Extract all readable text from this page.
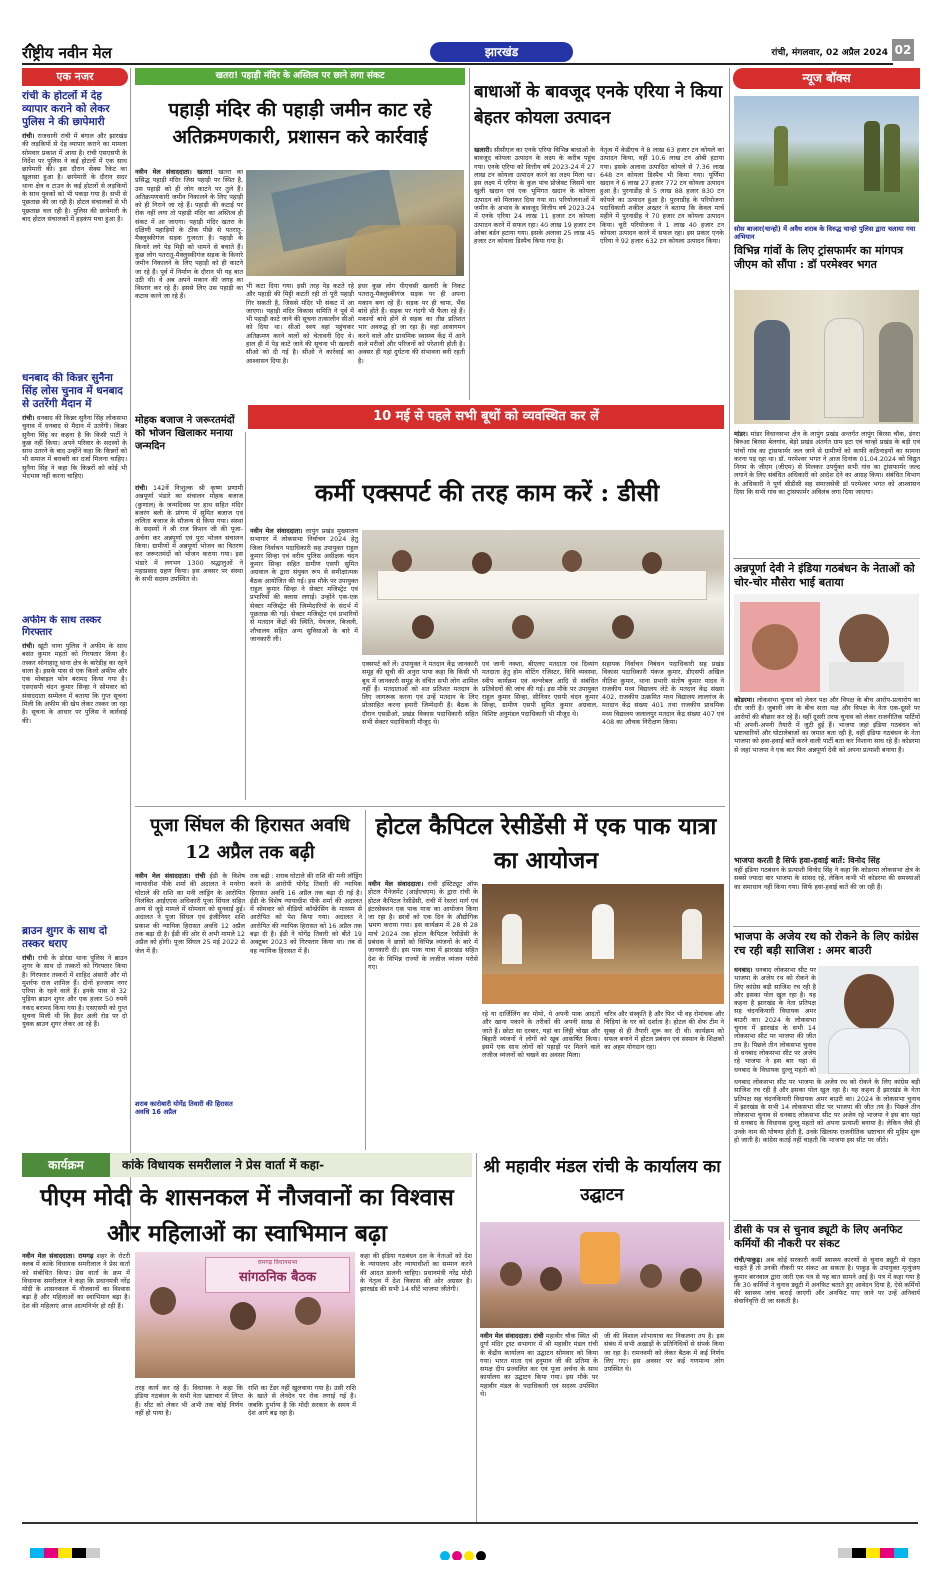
राष्ट्रीय नवीन मेल	झारखंड	रांची, मंगलवार, 02 अप्रैल 2024 02
एक नजर
रांची के होटलों में देह व्यापार कराने को लेकर पुलिस ने की छापेमारी
रांची। राजधानी रांची में बंगाल और झारखंड की लड़कियों से देह व्यापार कराने का मामला सोमवार प्रकाश में आया है। रांची एसएसपी के निर्देश पर पुलिस ने कई होटलों में एक साथ छापेमारी की। इस दौरान सेक्स रैकेट का खुलासा हुआ है। छापेमारी के दौरान सदर थाना क्षेत्र व टाउन के कई होटलों से लड़कियों के साथ युवकों को भी पकड़ा गया है। सभी से पूछताछ की जा रही है। होटल संचालकों से भी पूछताछ चल रही है। पुलिस की छापेमारी के बाद होटल संचालकों में हड़कंप मचा हुआ है।
धनबाद की किन्नर सुनैना सिंह लोस चुनाव में धनबाद से उतरेंगी मैदान में
रांची। धनबाद की किन्नर सुनैना सिंह लोकसभा चुनाव में धनबाद से मैदान में उतरेंगी। किन्नर सुनैना सिंह का कहना है कि किसी पार्टी ने कुछ नहीं किया। अपने परिवार के सदस्यों के साथ उतरने के बाद उन्होंने कहा कि किन्नरों को भी समाज में बराबरी का दर्जा मिलना चाहिए। सुनैना सिंह ने कहा कि किन्नरों को कोई भी भेदभाव नहीं करना चाहिए।
अफीम के साथ तस्कर गिरफ्तार
रांची। खूंटी थाना पुलिस ने अफीम के साथ बसंत कुमार महतो को गिरफ्तार किया है। तस्कर सोनाहातू थाना क्षेत्र के बारेडीह का रहने वाला है। इसके पास से एक किलो अफीम और एक मोबाइल फोन बरामद किया गया है। एसएसपी चंदन कुमार सिन्हा ने सोमवार को संवाददाता सम्मेलन में बताया कि गुप्त सूचना मिली कि अफीम की खेप लेकर तस्कर जा रहा है। सूचना के आधार पर पुलिस ने कार्रवाई की।
ब्राउन शुगर के साथ दो तस्कर धराए
रांची। रांची के डोरंडा थाना पुलिस ने ब्राउन शुगर के साथ दो तस्करों को गिरफ्तार किया है। गिरफ्तार तस्करों में शाहिद अंसारी और मो मुशर्रफ राज शामिल हैं। दोनों हज्जाम नगर एरिया के रहने वाले हैं। इनके पास से 32 पुड़िया ब्राउन शुगर और एक हजार 50 रुपये नकद बरामद किया गया है। एसएसपी को गुप्त सूचना मिली थी कि हैदर अली रोड पर दो युवक ब्राउन शुगर लेकर आ रहे हैं।
खतरा! पहाड़ी मंदिर के अस्तित्व पर छाने लगा संकट
पहाड़ी मंदिर की पहाड़ी जमीन काट रहे अतिक्रमणकारी, प्रशासन करे कार्रवाई
नवीन मेल संवाददाता। खतरा! खतरा का प्रसिद्ध पहाड़ी मंदिर जिस पहाड़ी पर स्थित है, उस पहाड़ी को ही लोग काटने पर तुले हैं। अतिक्रमणकारी जमीन निकालने के लिए पहाड़ी को ही गिराने जा रहे हैं। पहाड़ी की कटाई पर रोक नहीं लगा तो पहाड़ी मंदिर का अस्तित्व ही संकट में आ जाएगा। पहाड़ी मंदिर खतरा के दक्षिणी पहाड़ियों के ठीक पीछे से पतरातू-मैक्लुस्कीगंज सड़क गुजरता है। पहाड़ी के किनारे लगे पेड़ मिट्टी को थामने से बचाते हैं। कुछ लोग पतरातू-मैक्लुस्कीगंज सड़क के किनारे जमीन निकालने के लिए पहाड़ी को ही काटने जा रहे हैं। पूर्व में निर्माण के दौरान भी यह बात उठी थी। वे अब अपने मकान की जगह का विस्तार कर रहे हैं। इससे लिए उस पहाड़ी का कटाव करने जा रहे हैं।
भी कटा दिया गया। इसी तरह पेड़ कटते रहे और पहाड़ी की मिट्टी कटती रही तो पूरी पहाड़ी गिर सकती है, जिससे मंदिर भी संकट में आ जाएगा। पहाड़ी मंदिर विकास समिति ने पूर्व में भी पहाड़ी काटे जाने की सूचना तत्कालीन सीओ को दिया था। सीओ स्वयं वहां पहुंचकर अतिक्रमण करने वालों को चेतावनी दिए थे। हाल ही में पेड़ काटे जाने की सूचना भी खलारी सीओ को दी गई है। सीओ ने कार्रवाई का आश्वासन दिया है।
इधर कुछ लोग पीएचसी खलारी के निकट पतरातू-मैक्लुस्कीगंज सड़क पर ही अपना मकान बना रहे हैं। सड़क पर ही चापा, भैंस बांधे होते हैं। सड़क पर गंदगी भी फैला रहे हैं। मकानों बांधे होने से सड़क का तीव्र प्रतिशत भार अवरुद्ध हो जा रहा है। वहां आवागमन करने वाले और प्राथमिक स्वास्थ्य केंद्र में आने वाले मरीजों और परिजनों को परेशानी होती है। अक्सर ही यहां दुर्घटना की संभावना बनी रहती है।
बाधाओं के बावजूद एनके एरिया ने किया बेहतर कोयला उत्पादन
खलारी। सीसीएल का एनके एरिया विभिन्न बाधाओं के बावजूद कोयला उत्पादन के लक्ष्य के करीब पहुंच गया। एनके एरिया को वित्तीय वर्ष 2023-24 में 27 लाख टन कोयला उत्पादन करने का लक्ष्य मिला था। इस लक्ष्य में एरिया के कुल पांच प्रोजेक्ट जिसमें चार खुली खदान एवं एक भूमिगत खदान के कोयला उत्पादन को मिलाकर दिया गया था। परियोजनाओं में जमीन के अभाव के बावजूद वित्तीय वर्ष 2023-24 में एनके एरिया 24 लाख 11 हजार टन कोयला उत्पादन करने में सफल रहा। 40 लाख 19 हजार टन ओबर बर्डन हटाया गया। इसके अलावा 25 लाख 45 हजार टन कोयला डिस्पैच किया गया है।
नेतृत्व में केडीएच ने 8 लाख 63 हजार टन कोयले का उत्पादन किया, वहीं 10.6 लाख टन ओबी हटाया गया। इसके अलावा उत्पादित कोयले से 7.36 लाख 648 टन कोयला डिस्पैच भी किया गया। पूर्णिमा खदान ने 6 लाख 27 हजार 772 टन कोयला उत्पादन हुआ है। पुरनाडीह से 5 लाख 88 हजार 830 टन कोयले का उत्पादन हुआ है। पुरनाडीह के परियोजना पदाधिकारी शकील अख्तर ने बताया कि केवल मार्च महीने में पुरनाडीह ने 70 हजार टन कोयला उत्पादन किया। चूरी परियोजना ने 1 लाख 40 हजार टन कोयला उत्पादन करने में सफल रहा। इस प्रकार एनके एरिया ने 92 हजार 632 टन कोयला उत्पादन किया।
न्यूज बॉक्स
सोस बाजार(चान्हो) में अवैध शराब के विरुद्ध चान्हो पुलिस द्वारा चलाया गया अभियान
विभिन्न गांवों के लिए ट्रांसफार्मर का मांगपत्र जीएम को सौंपा : डॉ परमेश्वर भगत
मांडर। मांडर विधानसभा क्षेत्र के लापुंग प्रखंड अन्तर्गत लापुंग बिरसा चौक, डंगरा बिरुआ बिरसा बेलगांव, बेड़ो प्रखंड अंतर्गत ग्राम इटा एवं चान्हो प्रखंड के बड़ी एवं पांचों गांव का ट्रांसफार्मर जल जाने से ग्रामीणों को काफी कठिनाइयों का सामना करना पड़ रहा था। डॉ. परमेश्वर भगत ने आज दिनांक 01.04.2024 को विद्युत निगम के जीएम (जीएम) से मिलकर उपर्युक्त सभी गांव का ट्रांसफार्मर जल्द लगाने के लिए संबंधित अधिकारी को आदेश देने का आग्रह किया। संबंधित विभाग के अधिकारी ने पूर्ण सीडीसी सह समाजसेवी डॉ परमेश्वर भगत को आश्वासन दिया कि सभी गांव का ट्रांसफार्मर अविलंब लगा दिया जाएगा।
अन्नपूर्णा देवी ने इंडिया गठबंधन के नेताओं को चोर-चोर मौसेरा भाई बताया
कोडरमा। लोकसभा चुनाव को लेकर पक्ष और विपक्ष के बीच आरोप-प्रत्यारोप का दौर जारी है। जुबानी जंग के बीच सत्ता पक्ष और विपक्ष के नेता एक-दूसरे पर आरोपों की बौछार कर रहे हैं। वहीं दूसरी तरफ चुनाव को लेकर राजनीतिक पार्टियों भी अपनी-अपनी तैयारी में जुटी हुई हैं। भाजपा जहां इंडिया गठबंधन को भ्रष्टाचारियों और घोटालेबाजों का जमात बता रही है, वहीं इंडिया गठबंधन के नेता भाजपा को हवा-हवाई बातें करने वाली पार्टी बता कर निशाना साध रहे हैं। कोडरमा से जहां भाजपा ने एक बार फिर अन्नपूर्णा देवी को अपना प्रत्याशी बनाया है।
भाजपा करती है सिर्फ हवा-हवाई बातें: विनोद सिंह
वहीं इंडिया गठबंधन के प्रत्याशी विनोद सिंह ने कहा कि कोडरमा लोकसभा क्षेत्र के सबसे ज्यादा बार भाजपा के सांसद रहे, लेकिन कभी भी कोडरमा की समस्याओं का समाधान नहीं किया गया। सिर्फ हवा-हवाई बातें की जा रही हैं।
भाजपा के अजेय रथ को रोकने के लिए कांग्रेस रच रही बड़ी साजिश : अमर बाउरी
धनबाद। धनबाद लोकसभा सीट पर भाजपा के अजेय रथ को रोकने के लिए कांग्रेस बड़ी साजिश रच रही है और इसका पोल खुल रहा है। यह कहना है झारखंड के नेता प्रतिपक्ष सह चंदनकियारी विधायक अमर बाउरी का। 2024 के लोकसभा चुनाव में झारखंड के सभी 14 लोकसभा सीट पर भाजपा की जीत तय है। पिछले तीन लोकसभा चुनाव से धनबाद लोकसभा सीट पर अजेय रहे भाजपा ने इस बार यहां से धनबाद के विधायक दुल्लू महतो को
धनबाद लोकसभा सीट पर भाजपा के अजेय रथ को रोकने के लिए कांग्रेस बड़ी साजिश रच रही है और इसका पोल खुल रहा है। यह कहना है झारखंड के नेता प्रतिपक्ष सह चंदनकियारी विधायक अमर बाउरी का। 2024 के लोकसभा चुनाव में झारखंड के सभी 14 लोकसभा सीट पर भाजपा की जीत तय है। पिछले तीन लोकसभा चुनाव से धनबाद लोकसभा सीट पर अजेय रहे भाजपा ने इस बार यहां से धनबाद के विधायक दुल्लू महतो को अपना प्रत्याशी बनाया है। लेकिन जैसे ही उनके नाम की घोषणा होती है, उनके खिलाफ राजनीतिक भ्रष्टाचार की मुहिम शुरू हो जाती है। कांग्रेस कतई नहीं चाहती कि भाजपा इस सीट पर जीते।
डीसी के पत्र से चुनाव ड्यूटी के लिए अनफिट कर्मियों की नौकरी पर संकट
रांची/पाकुड़। अब कोई सरकारी कर्मी स्वास्थ्य कारणों से चुनाव ड्यूटी से राहत चाहते हैं तो उनकी नौकरी पर संकट आ सकता है। पाकुड़ के उपायुक्त मृत्युंजय कुमार बरनवाल द्वारा जारी एक पत्र से यह बात सामने आई है। पत्र में कहा गया है कि 30 कर्मियों ने चुनाव ड्यूटी में अनफिट बताते हुए आवेदन दिया है, ऐसे कर्मियों की स्वास्थ्य जांच कराई जाएगी और अनफिट पाए जाने पर उन्हें अनिवार्य सेवानिवृत्ति दी जा सकती है।
10 मई से पहले सभी बूथों को व्यवस्थित कर लें
मोहक बजाज ने जरूरतमंदों को भोजन खिलाकर मनाया जन्मदिन
रांची। 142वें निःशुल्क श्री कृष्ण प्रणामी अन्नपूर्णा भंडारे का संचालन मोहक बजाज (कुणाल) के जन्मदिवस पर हाथ सहित मंदिर बजरंग बली के प्रांगण में सुमित बजाज एवं ललिता बजाज के सौजन्य से किया गया। संस्था के सदस्यों ने श्री राज किशन जी की पूजा-अर्चना कर अन्नपूर्णा एवं पूरा भोजन संचालन किया। ग्रामीणों में अन्नपूर्णा भोजन का वितरण कर जरूरतमंदों को भोजन कराया गया। इस भंडारे में लगभग 1300 श्रद्धालुओं ने महाप्रसाद ग्रहण किया। इस अवसर पर संस्था के सभी सदस्य उपस्थित थे।
कर्मी एक्सपर्ट की तरह काम करें : डीसी
नवीन मेल संवाददाता। लापुंग प्रखंड मुख्यालय सभागार में लोकसभा निर्वाचन 2024 हेतु जिला निर्वाचन पदाधिकारी सह उपायुक्त राहुल कुमार सिन्हा एवं वरीय पुलिस अधीक्षक चंदन कुमार सिन्हा सहित ग्रामीण एसपी सुमित अग्रवाल के द्वारा संयुक्त रूप से समीक्षात्मक बैठक आयोजित की गई। इस मौके पर उपायुक्त राहुल कुमार सिन्हा ने सेक्टर मजिस्ट्रेट एवं प्रभारियों की क्लास लगाई। उन्होंने एक-एक सेक्टर मजिस्ट्रेट की जिम्मेदारियों के संदर्भ में पूछताछ की गई। सेक्टर मजिस्ट्रेट एवं प्रभारियों से मतदान केंद्रों की स्थिति, पेयजल, बिजली, शौचालय सहित अन्य सुविधाओं के बारे में जानकारी ली।
एक्सपर्ट करें लें। उपायुक्त ने मतदान केंद्र जानकारी समूह की सूची की अनुरा पाया कहा कि किसी भी बूथ में जानकारी समूह के वंचित सभी लोग शामिल नहीं हैं। मतदाताओं को शत प्रतिशत मतदान के लिए जागरूक करना एवं उन्हें मतदान के लिए प्रोत्साहित करना हमारी जिम्मेदारी है। बैठक के दौरान एसडीओ, प्रखंड विकास पदाधिकारी सहित सभी सेक्टर पदाधिकारी मौजूद थे।
एवं जानी नक्शा, बीएलए मतदाता एवं दिव्यांग मतदाता हेतु होम वोटिंग रजिस्टर, विधि व्यवस्था, स्वीप कार्यक्रम एवं वल्नरेबल आदि से संबंधित प्रतिवेदनों की जांच की गई। इस मौके पर उपायुक्त राहुल कुमार सिन्हा, सीनियर एसपी चंदन कुमार सिन्हा, ग्रामीण एसपी सुमित कुमार अग्रवाल, विशिष्ट अनुमंडल पदाधिकारी भी मौजूद थे।
सहायक निर्वाचन निबंधन पदाधिकारी सह प्रखंड विकास पदाधिकारी पंकज कुमार, डीएसपी अखिल नीतिश कुमार, थाना प्रभारी संतोष कुमार यादव ने राजकीय मध्य विद्यालय लेटे के मतदान केंद्र संख्या 402, राजकीय उत्क्रमित मध्य विद्यालय लालगंज के मतदान केंद्र संख्या 401 तथा राजकीय प्राथमिक मध्य विद्यालय जलालपुर मतदान केंद्र संख्या 407 एवं 408 का औचक निरीक्षण किया।
पूजा सिंघल की हिरासत अवधि 12 अप्रैल तक बढ़ी
नवीन मेल संवाददाता। रांची ईडी के विशेष न्यायाधीश पीके शर्मा की अदालत ने मनरेगा घोटाले की राशि का मनी लांड्रिंग के आरोपित निलंबित आईएएस अधिकारी पूजा सिंघल सहित अन्य से जुड़े मामले में सोमवार को सुनवाई हुई। अदालत ने पूजा सिंघल एवं इंजीनियर शशि प्रकाश की न्यायिक हिरासत अवधि 12 अप्रैल तक बढ़ा दी है। ईडी की ओर से अभी मामले 12 अप्रैल को होगी। पूजा सिंघल 25 मई 2022 से जेल में हैं।
शराब कारोबारी योगेंद्र तिवारी की हिरासत अवधि 16 अप्रैल
तक बढ़ी : शराब घोटाले की राशि की मनी लॉड्रिंग करने के आरोपी योगेंद्र तिवारी की न्यायिक हिरासत अवधि 16 अप्रैल तक बढ़ा दी गई है। ईडी के विशेष न्यायाधीश पीके शर्मा की अदालत में सोमवार को वीडियो कॉन्फ्रेंसिंग के माध्यम से आरोपित को पेश किया गया। अदालत ने आरोपित की न्यायिक हिरासत को 16 अप्रैल तक बढ़ा दी है। ईडी ने योगेंद्र तिवारी को बीते 19 अक्टूबर 2023 को गिरफ्तार किया था। तब से वह न्यायिक हिरासत में हैं।
होटल कैपिटल रेसीडेंसी में एक पाक यात्रा का आयोजन
नवीन मेल संवाददाता। रांची इंस्टिट्यूट ऑफ होटल मैनेजमेंट (आईएचएम) के द्वारा रांची के होटल कैपिटल रेसीडेंसी, रांची में रेस्तरां मार्ग एवं इंटरसेक्शन एक पाक यात्रा का आयोजन किया जा रहा है। छात्रों को एक दिन के औद्योगिक भ्रमण कराया गया। इस कार्यक्रम में 28 से 28 मार्च 2024 तक होटल कैपिटल रेसीडेंसी के प्रबंधक ने छात्रों को विभिन्न व्यंजनों के बारे में जानकारी दी। इस पाक यात्रा में झारखंड सहित देश के विभिन्न राज्यों के लजीज व्यंजन परोसे गए।
रहे या दार्जिलिंग का मोमो, ये अपनी पाक आदतों और खाना पकाने के तरीकों की अपनी साख से जाते हैं। छोटा सा दरबार, यहां का लिट्टी चोखा और बिहारी व्यंजनों ने लोगों को खूब आकर्षित किया। इसमें एक साथ लोगों को पहाड़ों पर मिलने वाले लजीज व्यंजनों को चखने का अवसर मिला।
चरित्र और संस्कृति है और फिर भी वह रोमांचक और चिड़ियां के घर को दर्शाता है। होटल की शेफ टीम ने सुबह से ही तैयारी शुरू कर दी थी। कार्यक्रम को सफल बनाने में होटल प्रबंधन एवं संस्थान के शिक्षकों का अहम योगदान रहा।
कार्यक्रम	कांके विधायक समरीलाल ने प्रेस वार्ता में कहा-
पीएम मोदी के शासनकल में नौजवानों का विश्वास और महिलाओं का स्वाभिमान बढ़ा
नवीन मेल संवाददाता। रामगढ़ शहर के रोटरी क्लब में कांके विधायक समरीलाल ने प्रेस वार्ता को संबोधित किया। प्रेस वार्ता के क्रम में विधायक समरीलाल ने कहा कि प्रधानमंत्री नरेंद्र मोदी के शासनकाल में नौजवानों का विश्वास बढ़ा है और महिलाओं का स्वाभिमान बढ़ा है। देश की महिलाएं आज आत्मनिर्भर हो रही हैं।
रामगढ़ विधानसभा
सांगठनिक बैठक
तरह कार्य कर रहे हैं। विधायक ने कहा कि इंडिया गठबंधन के सभी नेता भ्रष्टाचार में लिप्त हैं। सीट को लेकर भी अभी तक कोई निर्णय नहीं हो पाया है।
राशि का टेंडर नहीं खुलवाया गया है। उसी राशि के खाते से लेनदेन पर रोक लगाई गई है। जबकि दुर्भाग्य है कि मोदी सरकार के समय में देश आगे बढ़ रहा है।
कहा की इंडिया गठबंधन दल के नेताओं को देश के न्यायालय और न्यायाधीशों का सम्मान करने की आदत डालनी चाहिए। प्रधानमंत्री नरेंद्र मोदी के नेतृत्व में देश विकास की ओर अग्रसर है। झारखंड की सभी 14 सीटें भाजपा जीतेगी।
श्री महावीर मंडल रांची के कार्यालय का उद्घाटन
नवीन मेल संवाददाता। रांची महावीर चौक स्थित श्री दुर्गा मंदिर ट्रस्ट सभागार में श्री महावीर मंडल रांची के केंद्रीय कार्यालय का उद्घाटन सोमवार को किया गया। भारत माता एवं हनुमान जी की प्रतिमा के समक्ष दीप प्रज्वलित कर एवं पूजा अर्चना के साथ कार्यालय का उद्घाटन किया गया। इस मौके पर महावीर मंडल के पदाधिकारी एवं सदस्य उपस्थित थे।
जी की विशाल शोभायात्रा का निकलना तय है। इस संबंध में सभी अखाड़ों के प्रतिनिधियों से संपर्क किया जा रहा है। रामनवमी को लेकर बैठक में कई निर्णय लिए गए। इस अवसर पर कई गणमान्य लोग उपस्थित थे।
